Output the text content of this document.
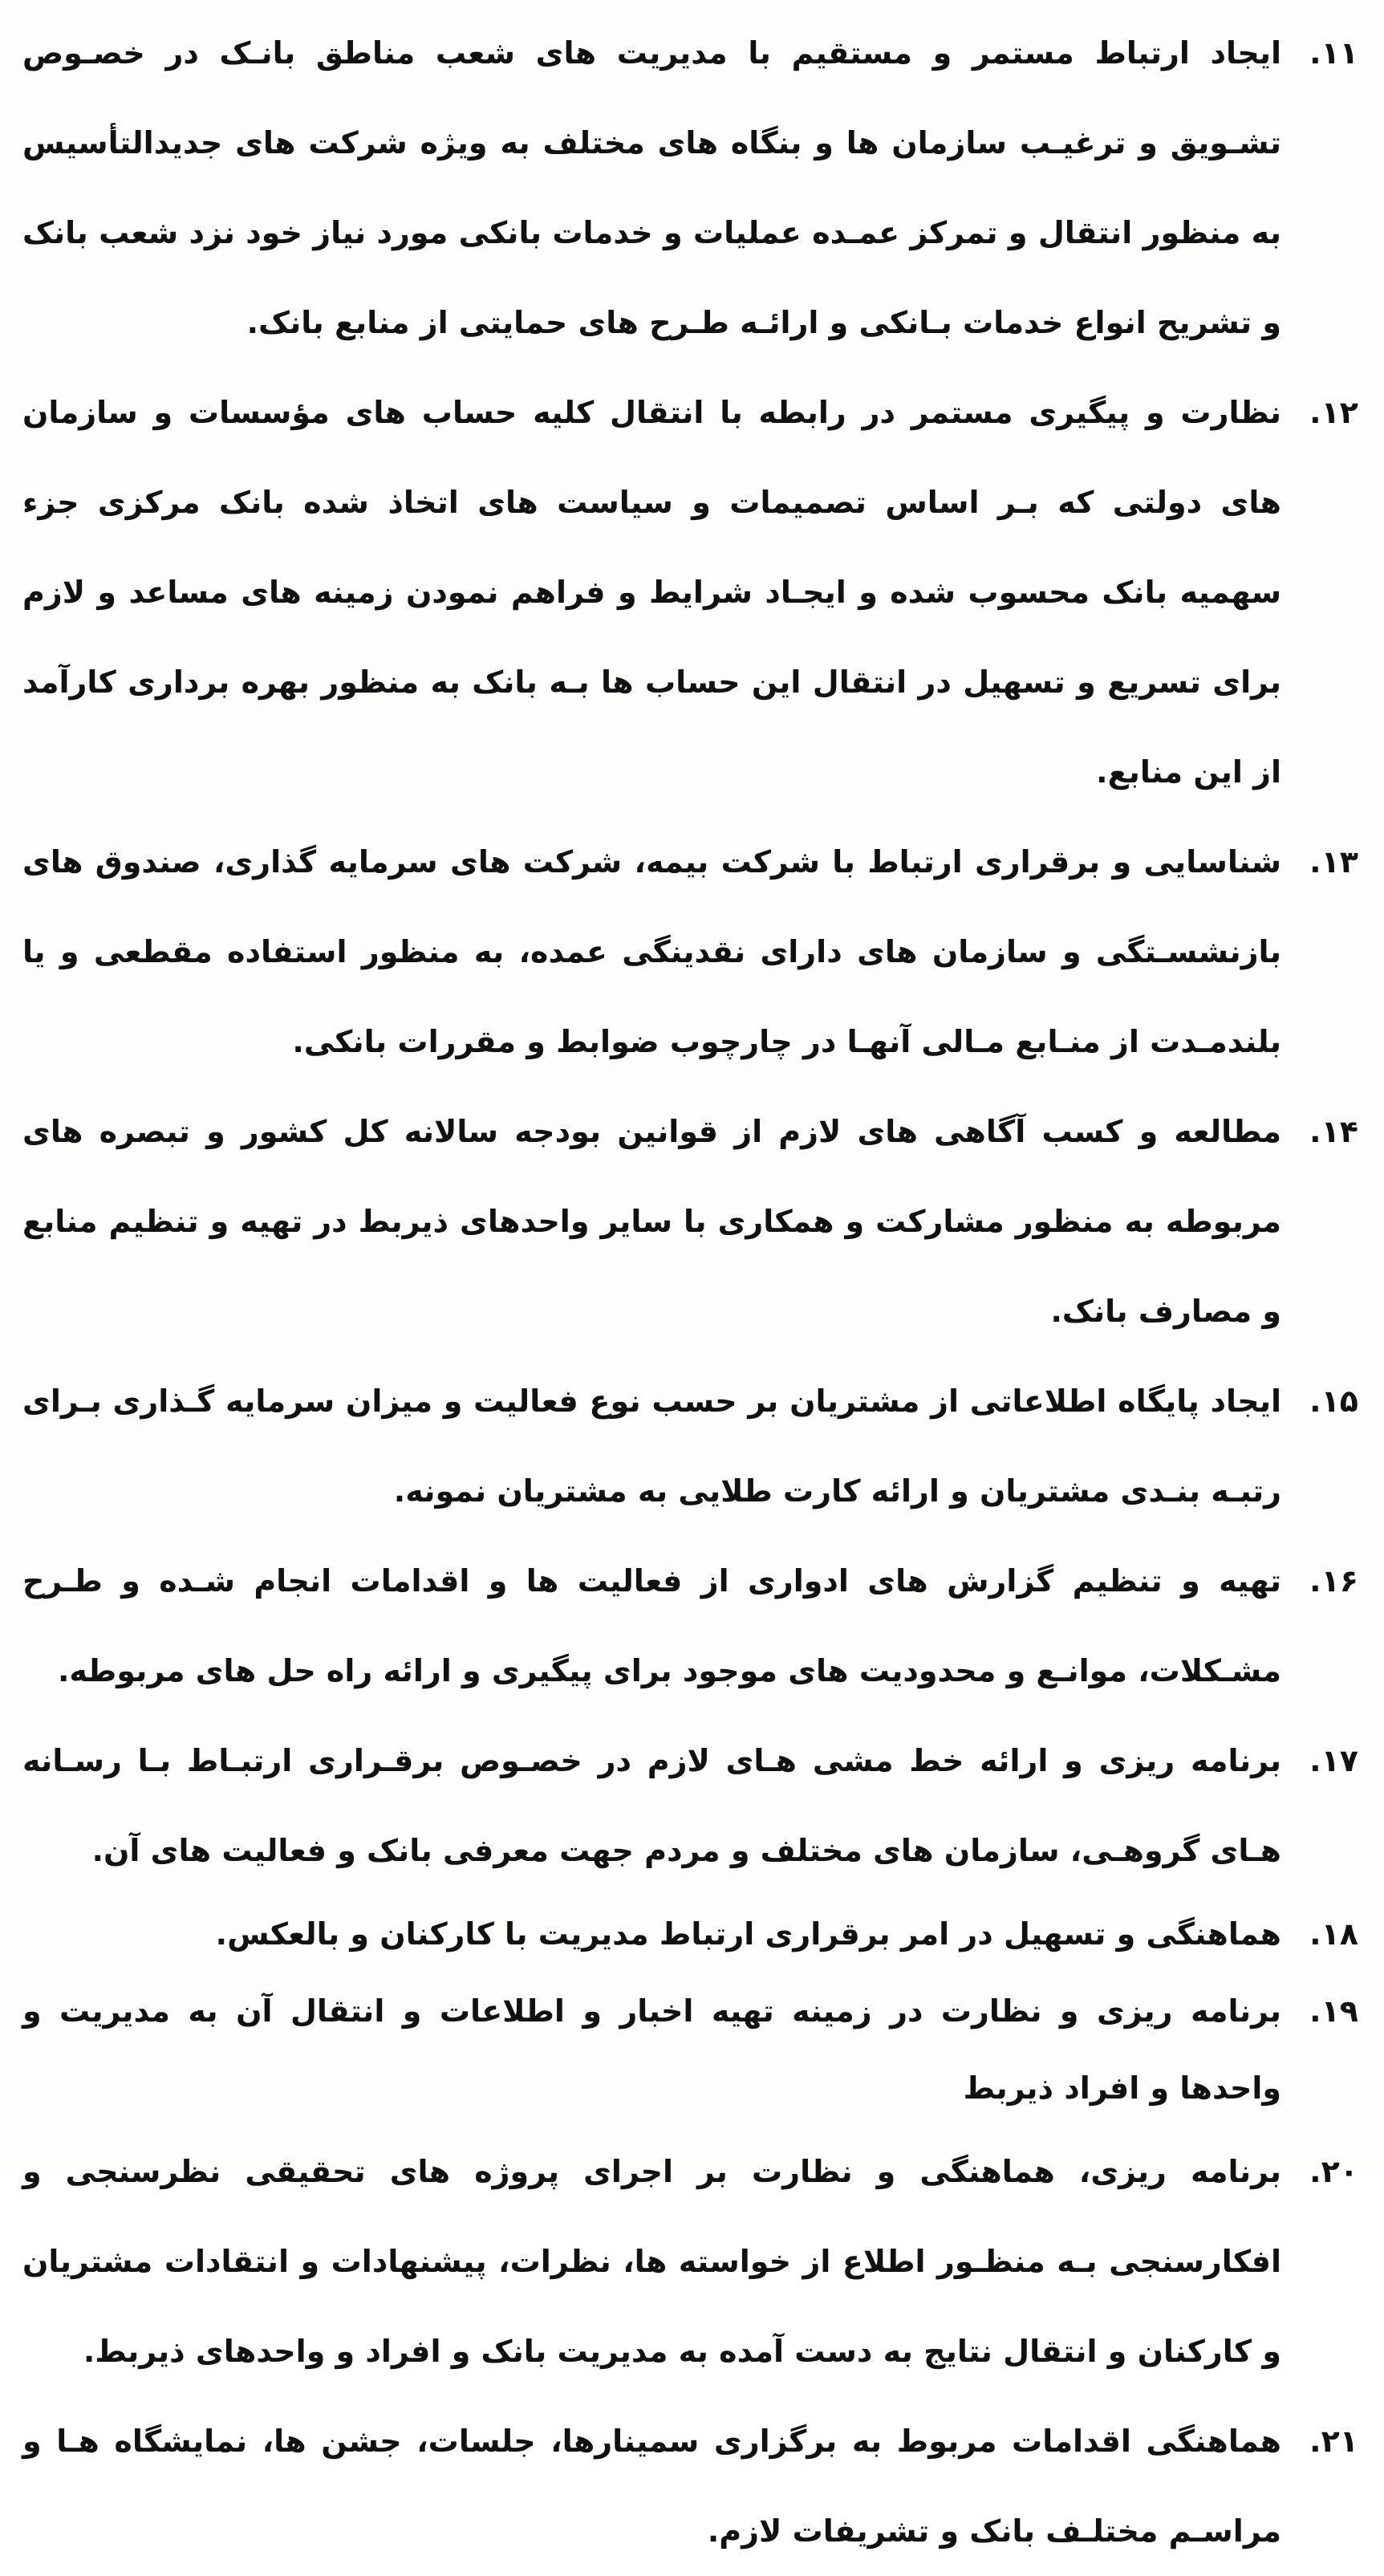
۱۱.
ایجاد ارتباط مستمر و مستقیم با مدیریت های شعب مناطق بانـک در خصـوص تشـویق و ترغیـب سازمان ها و بنگاه های مختلف به ویژه شرکت های جدیدالتأسیس به منظور انتقال و تمرکز عمـده عملیات و خدمات بانکی مورد نیاز خود نزد شعب بانک و تشریح انواع خدمات بـانکی و ارائـه طـرح های حمایتی از منابع بانک.
۱۲.
نظارت و پیگیری مستمر در رابطه با انتقال کلیه حساب های مؤسسات و سازمان های دولتی که بـر اساس تصمیمات و سیاست های اتخاذ شده بانک مرکزی جزء سهمیه بانک محسوب شده و ایجـاد شرایط و فراهم نمودن زمینه های مساعد و لازم برای تسریع و تسهیل در انتقال این حساب ها بـه بانک به منظور بهره برداری کارآمد از این منابع.
۱۳.
شناسایی و برقراری ارتباط با شرکت بیمه، شرکت های سرمایه گذاری، صندوق های بازنشسـتگی و سازمان های دارای نقدینگی عمده، به منظور استفاده مقطعی و یا بلندمـدت از منـابع مـالی آنهـا در چارچوب ضوابط و مقررات بانکی.
۱۴.
مطالعه و کسب آگاهی های لازم از قوانین بودجه سالانه کل کشور و تبصره های مربوطه به منظور مشارکت و همکاری با سایر واحدهای ذیربط در تهیه و تنظیم منابع و مصارف بانک.
۱۵.
ایجاد پایگاه اطلاعاتی از مشتریان بر حسب نوع فعالیت و میزان سرمایه گـذاری بـرای رتبـه بنـدی مشتریان و ارائه کارت طلایی به مشتریان نمونه.
۱۶.
تهیه و تنظیم گزارش های ادواری از فعالیت ها و اقدامات انجام شـده و طـرح مشـکلات، موانـع و محدودیت های موجود برای پیگیری و ارائه راه حل های مربوطه.
۱۷.
برنامه ریزی و ارائه خط مشی هـای لازم در خصـوص برقـراری ارتبـاط بـا رسـانه هـای گروهـی، سازمان های مختلف و مردم جهت معرفی بانک و فعالیت های آن.
۱۸.
هماهنگی و تسهیل در امر برقراری ارتباط مدیریت با کارکنان و بالعکس.
۱۹.
برنامه ریزی و نظارت در زمینه تهیه اخبار و اطلاعات و انتقال آن به مدیریت و واحدها و افراد ذیربط
۲۰.
برنامه ریزی، هماهنگی و نظارت بر اجرای پروژه های تحقیقی نظرسنجی و افکارسنجی بـه منظـور اطلاع از خواسته ها، نظرات، پیشنهادات و انتقادات مشتریان و کارکنان و انتقال نتایج به دست آمده به مدیریت بانک و افراد و واحدهای ذیربط.
۲۱.
هماهنگی اقدامات مربوط به برگزاری سمینارها، جلسات، جشن ها، نمایشگاه هـا و مراسـم مختلـف بانک و تشریفات لازم.
